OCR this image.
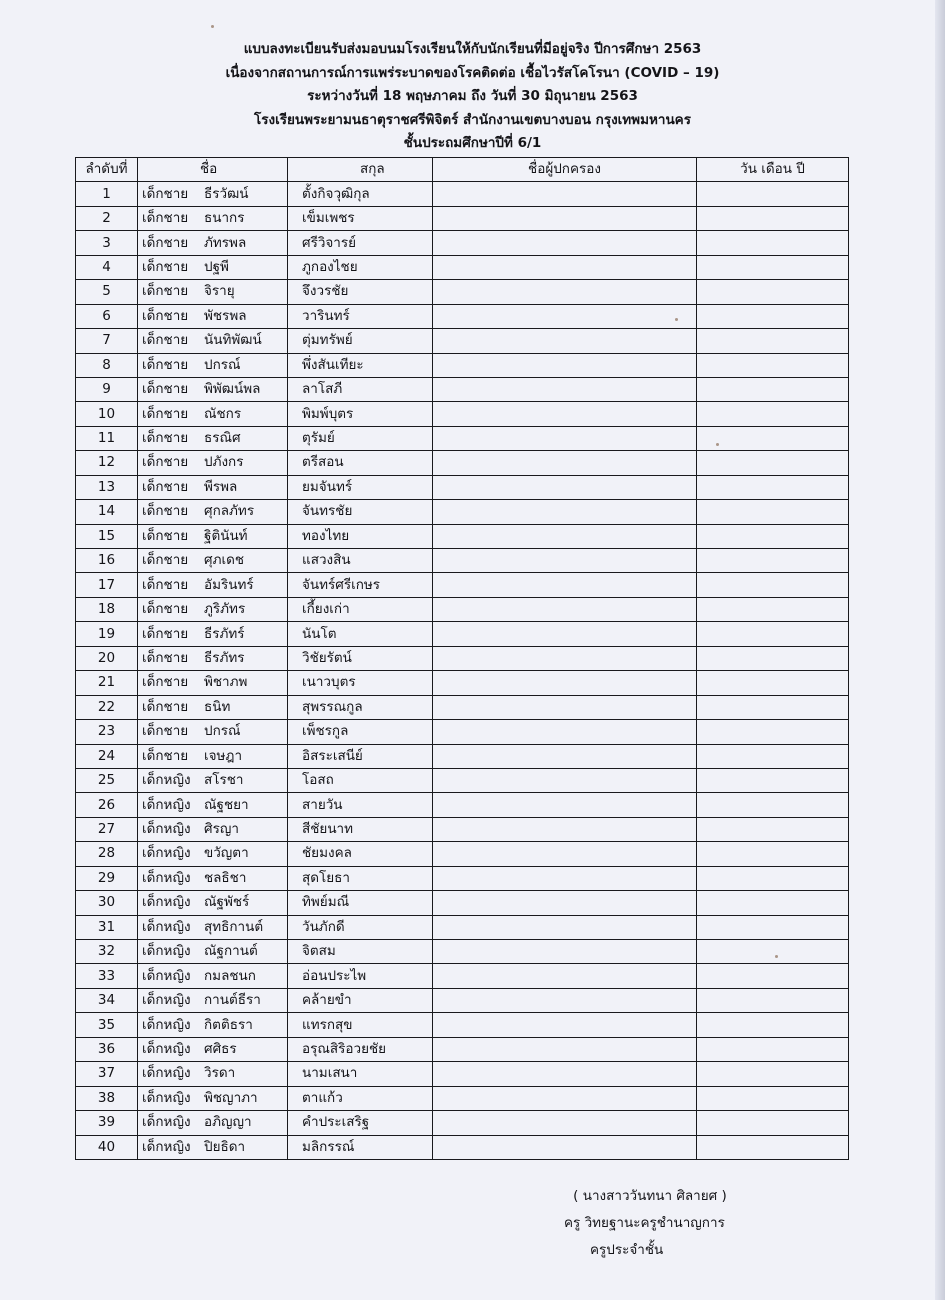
แบบลงทะเบียนรับส่งมอบนมโรงเรียนให้กับนักเรียนที่มีอยู่จริง ปีการศึกษา 2563
เนื่องจากสถานการณ์การแพร่ระบาดของโรคติดต่อ เชื้อไวรัสโคโรนา (COVID – 19)
ระหว่างวันที่ 18 พฤษภาคม ถึง วันที่ 30 มิถุนายน 2563
โรงเรียนพระยามนธาตุราชศรีพิจิตร์ สำนักงานเขตบางบอน กรุงเทพมหานคร
ชั้นประถมศึกษาปีที่ 6/1
ลำดับที่	ชื่อ	สกุล	ชื่อผู้ปกครอง	วัน เดือน ปี
1	เด็กชาย ธีรวัฒน์	ตั้งกิจวุฒิกุล		
2	เด็กชาย ธนากร	เข็มเพชร		
3	เด็กชาย ภัทรพล	ศรีวิจารย์		
4	เด็กชาย ปฐพี	ภูกองไชย		
5	เด็กชาย จิรายุ	จึงวรชัย		
6	เด็กชาย พัชรพล	วารินทร์		
7	เด็กชาย นันทิพัฒน์	ตุ่มทรัพย์		
8	เด็กชาย ปกรณ์	พึ่งสันเทียะ		
9	เด็กชาย พิพัฒน์พล	ลาโสภี		
10	เด็กชาย ณัชกร	พิมพ์บุตร		
11	เด็กชาย ธรณิศ	ตุรัมย์		
12	เด็กชาย ปภังกร	ตรีสอน		
13	เด็กชาย พีรพล	ยมจันทร์		
14	เด็กชาย ศุกลภัทร	จันทรชัย		
15	เด็กชาย ฐิตินันท์	ทองไทย		
16	เด็กชาย ศุภเดช	แสวงสิน		
17	เด็กชาย อัมรินทร์	จันทร์ศรีเกษร		
18	เด็กชาย ภูริภัทร	เกี้ยงเก่า		
19	เด็กชาย ธีรภัทร์	นันโต		
20	เด็กชาย ธีรภัทร	วิชัยรัตน์		
21	เด็กชาย พิชาภพ	เนาวบุตร		
22	เด็กชาย ธนิท	สุพรรณกูล		
23	เด็กชาย ปกรณ์	เพ็ชรกูล		
24	เด็กชาย เจษฎา	อิสระเสนีย์		
25	เด็กหญิง สโรชา	โอสถ		
26	เด็กหญิง ณัฐชยา	สายวัน		
27	เด็กหญิง ศิรญา	สีชัยนาท		
28	เด็กหญิง ขวัญตา	ชัยมงคล		
29	เด็กหญิง ชลธิชา	สุดโยธา		
30	เด็กหญิง ณัฐพัชร์	ทิพย์มณี		
31	เด็กหญิง สุทธิกานต์	วันภักดี		
32	เด็กหญิง ณัฐกานต์	จิตสม		
33	เด็กหญิง กมลชนก	อ่อนประไพ		
34	เด็กหญิง กานต์ธีรา	คล้ายขำ		
35	เด็กหญิง กิตติธรา	แทรกสุข		
36	เด็กหญิง ศศิธร	อรุณสิริอวยชัย		
37	เด็กหญิง วิรดา	นามเสนา		
38	เด็กหญิง พิชญาภา	ตาแก้ว		
39	เด็กหญิง อภิญญา	คำประเสริฐ		
40	เด็กหญิง ปิยธิดา	มลิกรรณ์		
( นางสาววันทนา ศิลายศ )
ครู วิทยฐานะครูชำนาญการ
ครูประจำชั้น
